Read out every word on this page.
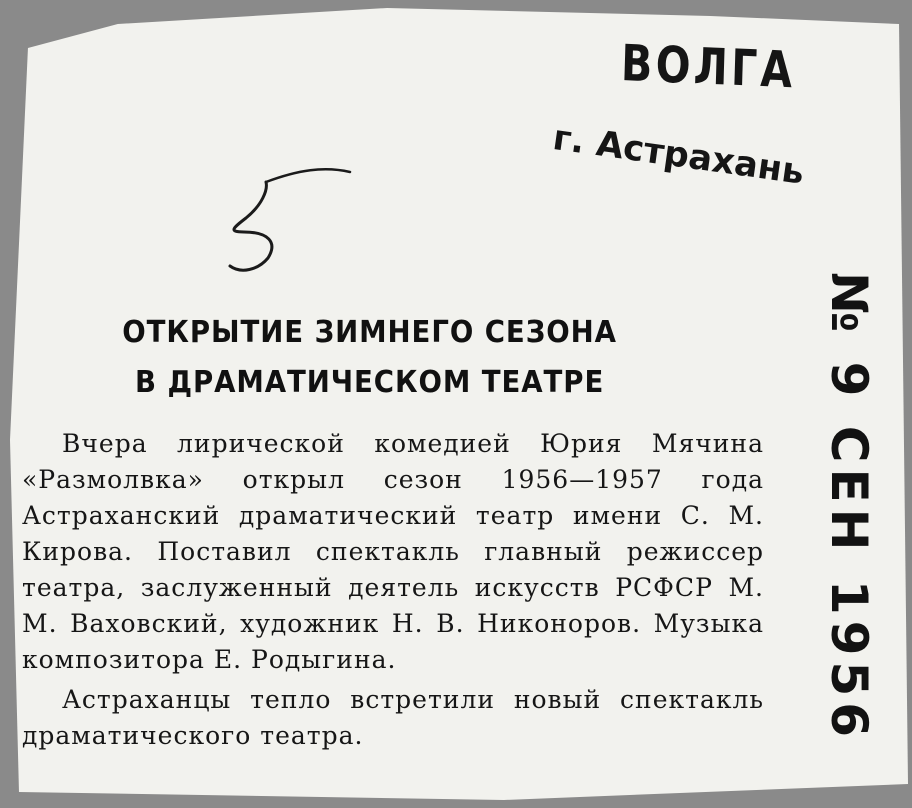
ВОЛГА
г. Астрахань
№ 9 СЕН 1956
ОТКРЫТИЕ ЗИМНЕГО СЕЗОНА
В ДРАМАТИЧЕСКОМ ТЕАТРЕ

Вчера лирической комедией Юрия Мячина «Размолвка» открыл сезон 1956—1957 года Астраханский драматический театр имени С. М. Кирова. Поставил спектакль главный режиссер театра, заслуженный деятель искусств РСФСР М. М. Ваховский, художник Н. В. Никоноров. Музыка композитора Е. Родыгина.

Астраханцы тепло встретили новый спектакль драматического театра.
